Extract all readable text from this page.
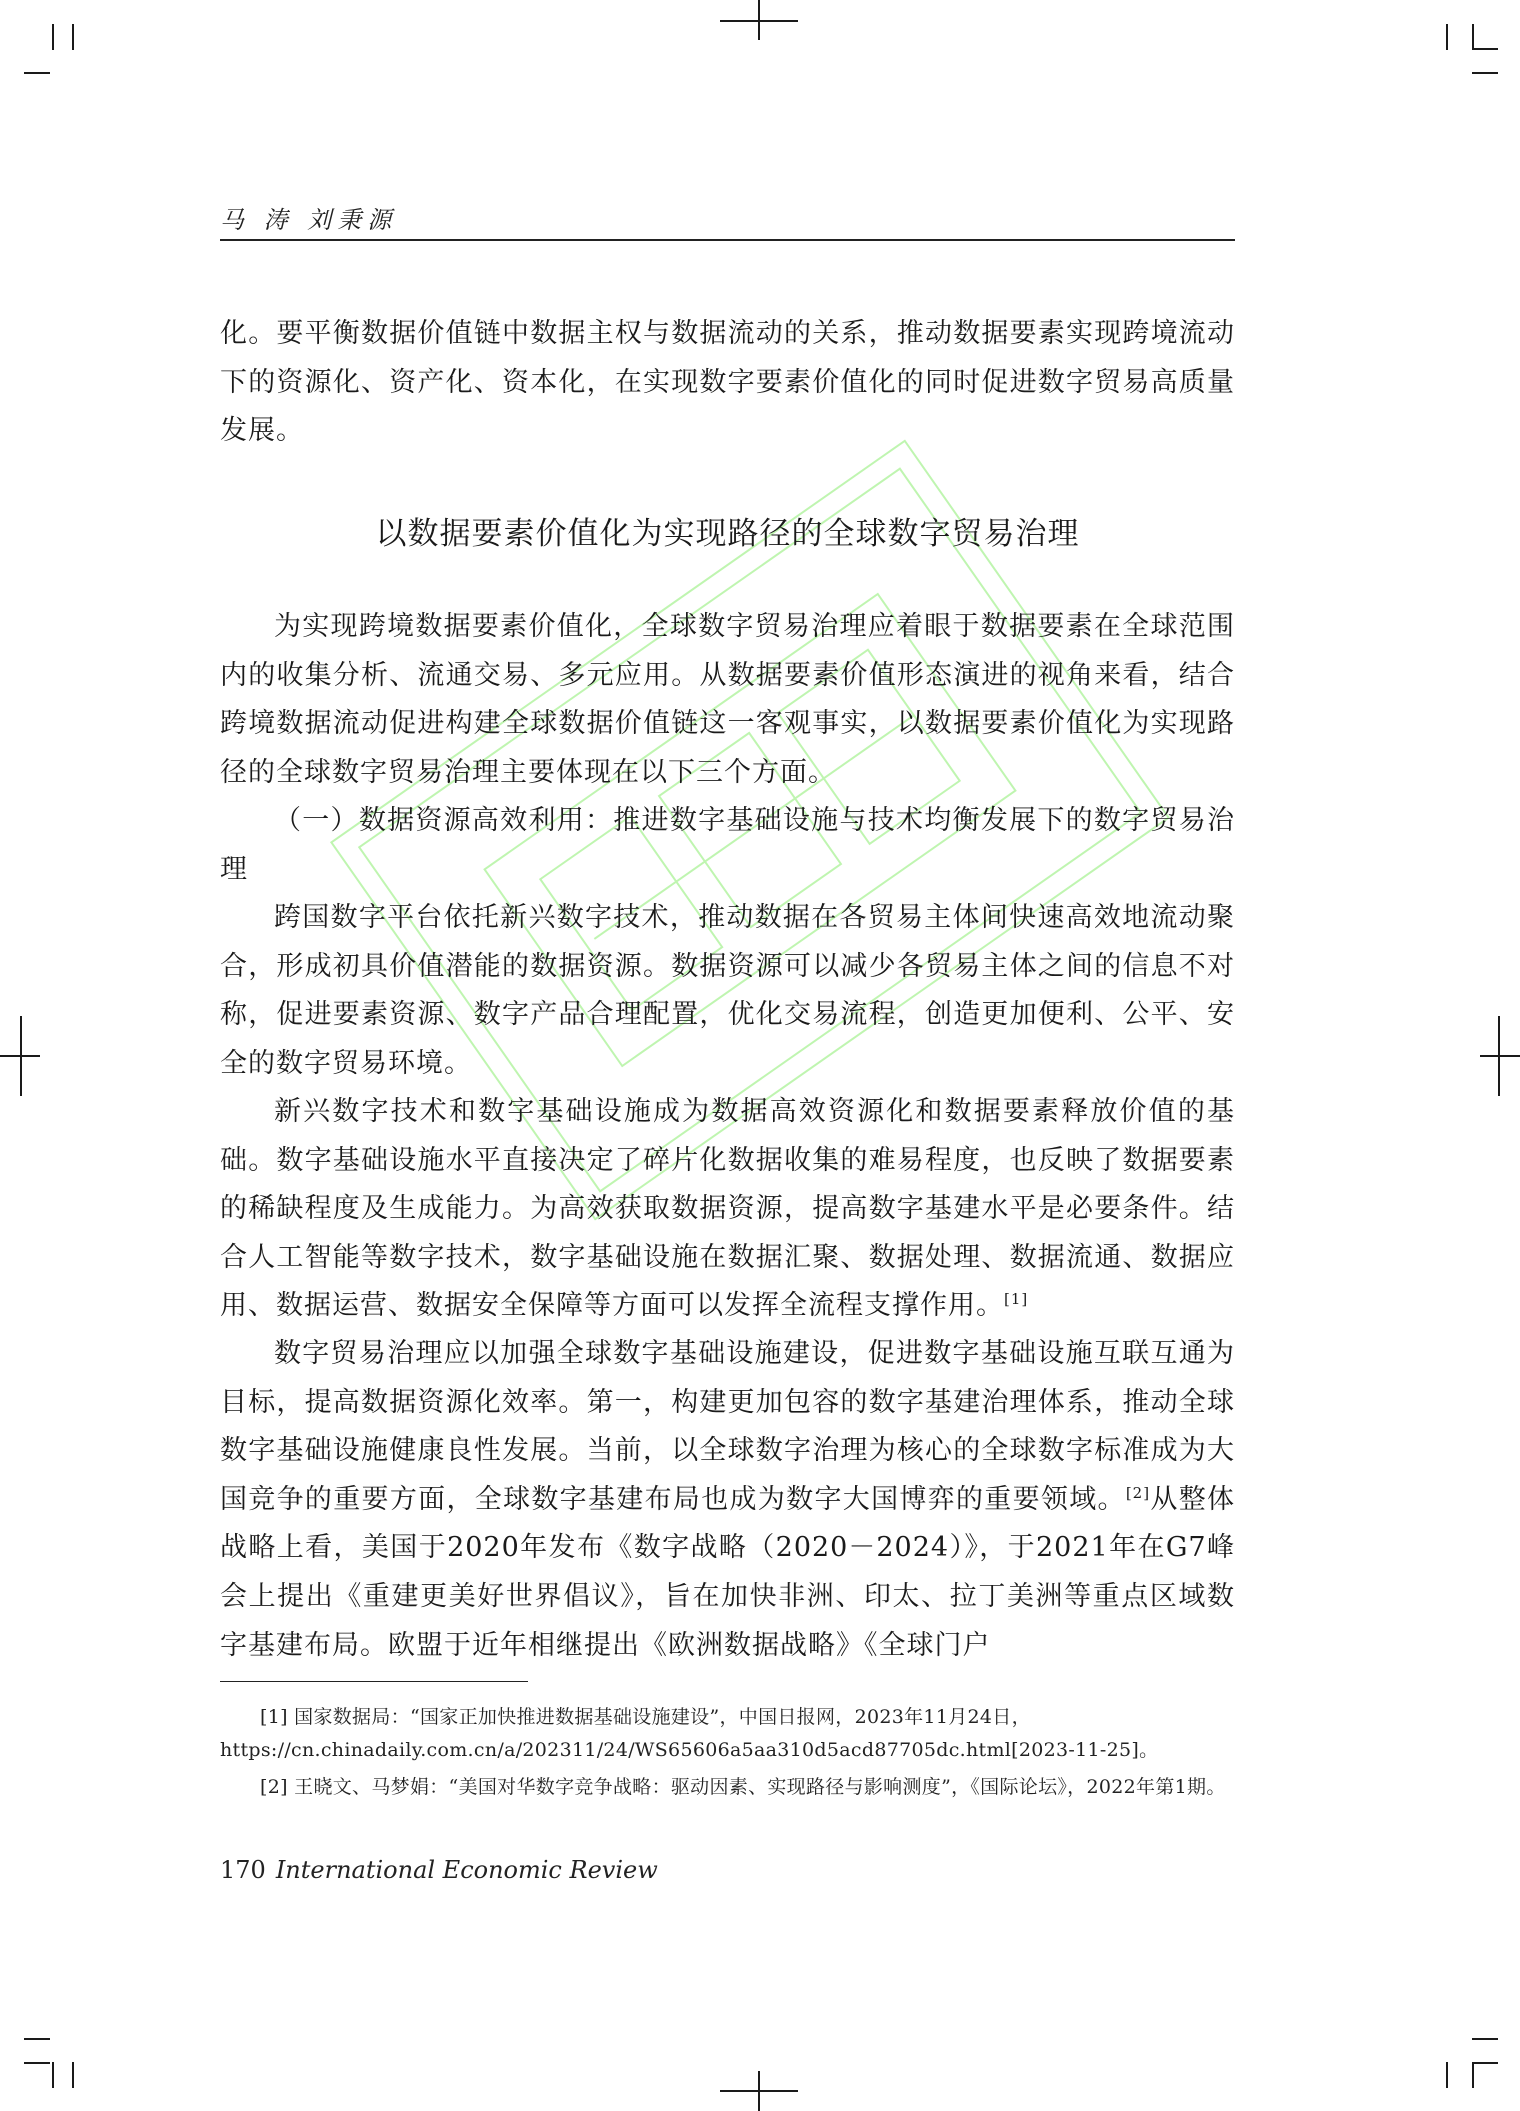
马 涛 刘秉源

化。要平衡数据价值链中数据主权与数据流动的关系，推动数据要素实现跨境流动下的资源化、资产化、资本化，在实现数字要素价值化的同时促进数字贸易高质量发展。

以数据要素价值化为实现路径的全球数字贸易治理

为实现跨境数据要素价值化，全球数字贸易治理应着眼于数据要素在全球范围内的收集分析、流通交易、多元应用。从数据要素价值形态演进的视角来看，结合跨境数据流动促进构建全球数据价值链这一客观事实，以数据要素价值化为实现路径的全球数字贸易治理主要体现在以下三个方面。

（一）数据资源高效利用：推进数字基础设施与技术均衡发展下的数字贸易治理

跨国数字平台依托新兴数字技术，推动数据在各贸易主体间快速高效地流动聚合，形成初具价值潜能的数据资源。数据资源可以减少各贸易主体之间的信息不对称，促进要素资源、数字产品合理配置，优化交易流程，创造更加便利、公平、安全的数字贸易环境。

新兴数字技术和数字基础设施成为数据高效资源化和数据要素释放价值的基础。数字基础设施水平直接决定了碎片化数据收集的难易程度，也反映了数据要素的稀缺程度及生成能力。为高效获取数据资源，提高数字基建水平是必要条件。结合人工智能等数字技术，数字基础设施在数据汇聚、数据处理、数据流通、数据应用、数据运营、数据安全保障等方面可以发挥全流程支撑作用。[1]

数字贸易治理应以加强全球数字基础设施建设，促进数字基础设施互联互通为目标，提高数据资源化效率。第一，构建更加包容的数字基建治理体系，推动全球数字基础设施健康良性发展。当前，以全球数字治理为核心的全球数字标准成为大国竞争的重要方面，全球数字基建布局也成为数字大国博弈的重要领域。[2]从整体战略上看，美国于2020年发布《数字战略（2020－2024）》，于2021年在G7峰会上提出《重建更美好世界倡议》，旨在加快非洲、印太、拉丁美洲等重点区域数字基建布局。欧盟于近年相继提出《欧洲数据战略》《全球门户

[1] 国家数据局：“国家正加快推进数据基础设施建设”，中国日报网，2023年11月24日，https://cn.chinadaily.com.cn/a/202311/24/WS65606a5aa310d5acd87705dc.html[2023-11-25]。

[2] 王晓文、马梦娟：“美国对华数字竞争战略：驱动因素、实现路径与影响测度”，《国际论坛》，2022年第1期。

170 International Economic Review
